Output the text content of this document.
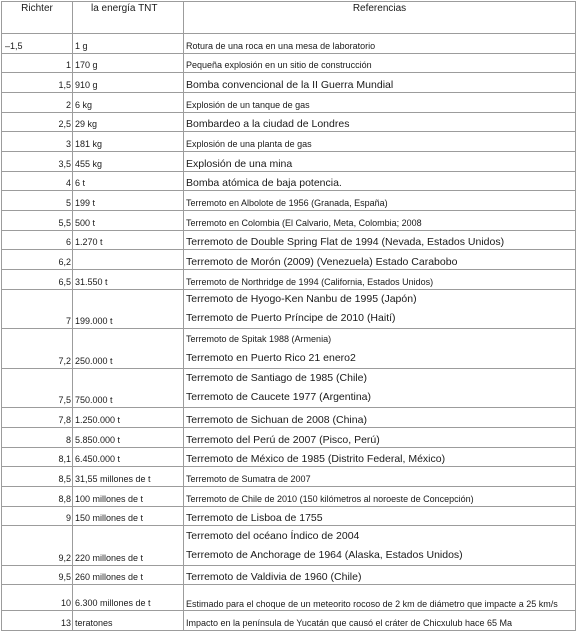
Richter	la energía TNT	Referencias
–1,5	1 g	Rotura de una roca en una mesa de laboratorio

1	170 g	Pequeña explosión en un sitio de construcción

1,5	910 g	Bomba convencional de la II Guerra Mundial

2	6 kg	Explosión de un tanque de gas

2,5	29 kg	Bombardeo a la ciudad de Londres

3	181 kg	Explosión de una planta de gas

3,5	455 kg	Explosión de una mina

4	6 t	Bomba atómica de baja potencia.

5	199 t	Terremoto en Albolote de 1956 (Granada, España)

5,5	500 t	Terremoto en Colombia (El Calvario, Meta, Colombia; 2008

6	1.270 t	Terremoto de Double Spring Flat de 1994 (Nevada, Estados Unidos)

6,2		Terremoto de Morón (2009) (Venezuela) Estado Carabobo

6,5	31.550 t	Terremoto de Northridge de 1994 (California, Estados Unidos)

7	199.000 t	Terremoto de Hyogo-Ken Nanbu de 1995 (Japón)
Terremoto de Puerto Príncipe de 2010 (Haití)

7,2	250.000 t	Terremoto de Spitak 1988 (Armenia)
Terremoto en Puerto Rico 21 enero2

7,5	750.000 t	Terremoto de Santiago de 1985 (Chile)
Terremoto de Caucete 1977 (Argentina)

7,8	1.250.000 t	Terremoto de Sichuan de 2008 (China)

8	5.850.000 t	Terremoto del Perú de 2007 (Pisco, Perú)

8,1	6.450.000 t	Terremoto de México de 1985 (Distrito Federal, México)

8,5	31,55 millones de t	Terremoto de Sumatra de 2007

8,8	100 millones de t	Terremoto de Chile de 2010 (150 kilómetros al noroeste de Concepción)

9	150 millones de t	Terremoto de Lisboa de 1755

9,2	220 millones de t	Terremoto del océano Índico de 2004
Terremoto de Anchorage de 1964 (Alaska, Estados Unidos)

9,5	260 millones de t	Terremoto de Valdivia de 1960 (Chile)

10	6.300 millones de t	Estimado para el choque de un meteorito rocoso de 2 km de diámetro que impacte a 25 km/s

13	teratones	Impacto en la península de Yucatán que causó el cráter de Chicxulub hace 65 Ma
